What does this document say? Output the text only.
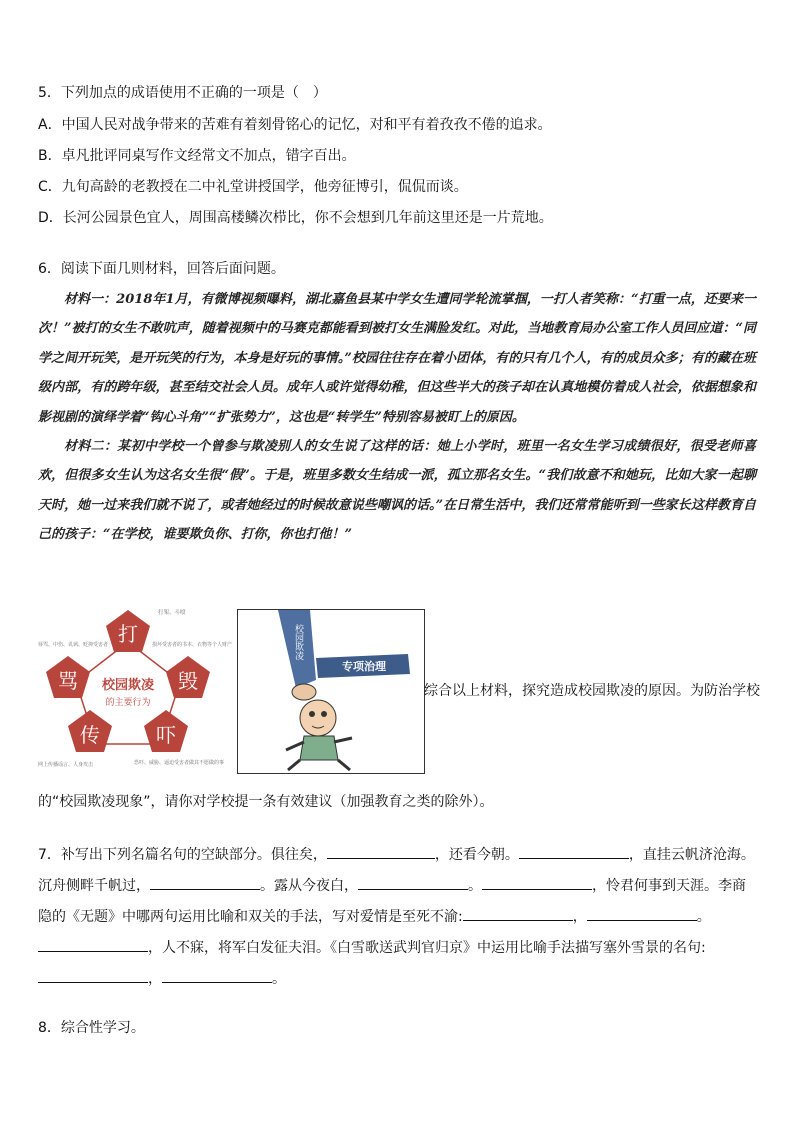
5．下列加点的成语使用不正确的一项是（　）
A．中国人民对战争带来的苦难有着刻骨铭心的记忆，对和平有着孜孜不倦的追求。
B．卓凡批评同桌写作文经常文不加点，错字百出。
C．九旬高龄的老教授在二中礼堂讲授国学，他旁征博引，侃侃而谈。
D．长河公园景色宜人，周围高楼鳞次栉比，你不会想到几年前这里还是一片荒地。
6．阅读下面几则材料，回答后面问题。

材料一：2018年1月，有微博视频曝料，湖北嘉鱼县某中学女生遭同学轮流掌掴，一打人者笑称：“打重一点，还要来一次！”被打的女生不敢吭声，随着视频中的马赛克都能看到被打女生满脸发红。对此，当地教育局办公室工作人员回应道：“同学之间开玩笑，是开玩笑的行为，本身是好玩的事情。”校园往往存在着小团体，有的只有几个人，有的成员众多；有的藏在班级内部，有的跨年级，甚至结交社会人员。成年人或许觉得幼稚，但这些半大的孩子却在认真地模仿着成人社会，依据想象和影视剧的演绎学着“钩心斗角”“扩张势力”，这也是“转学生”特别容易被盯上的原因。

材料二：某初中学校一个曾参与欺凌别人的女生说了这样的话：她上小学时，班里一名女生学习成绩很好，很受老师喜欢，但很多女生认为这名女生很“假”。于是，班里多数女生结成一派，孤立那名女生。“我们故意不和她玩，比如大家一起聊天时，她一过来我们就不说了，或者她经过的时候故意说些嘲讽的话。”在日常生活中，我们还常常能听到一些家长这样教育自己的孩子：“在学校，谁要欺负你、打你，你也打他！”

打
毁
吓
传
骂 校园欺凌
的主要行为
打架、斗殴
损坏受害者的书本、衣物等个人财产
恐吓、威胁、逼迫受害者做其不愿做的事
网上传播谣言、人身攻击
辱骂、中伤、讥讽、贬抑受害者	校园欺凌
专项治理
综合以上材料，探究造成校园欺凌的原因。为防治学校
的“校园欺凌现象”，请你对学校提一条有效建议（加强教育之类的除外）。
7．补写出下列名篇名句的空缺部分。俱往矣，	，还看今朝。	，直挂云帆济沧海。
沉舟侧畔千帆过，	。露从今夜白，	。	，怜君何事到天涯。李商
隐的《无题》中哪两句运用比喻和双关的手法，写对爱情是至死不渝:	，	。
，人不寐，将军白发征夫泪。《白雪歌送武判官归京》中运用比喻手法描写塞外雪景的名句:
，	。
8．综合性学习。
